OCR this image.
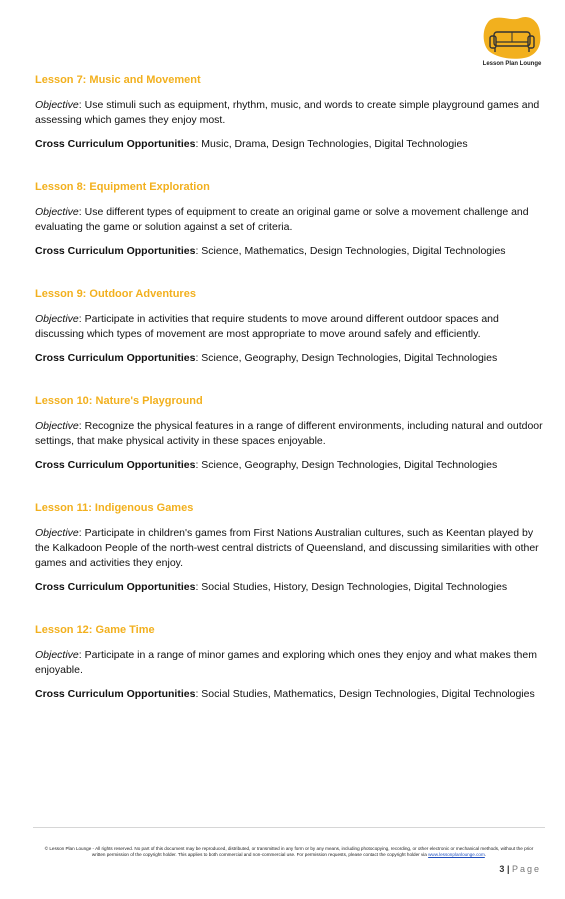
Lesson Plan Lounge
Lesson 7: Music and Movement

Objective: Use stimuli such as equipment, rhythm, music, and words to create simple playground games and assessing which games they enjoy most.

Cross Curriculum Opportunities: Music, Drama, Design Technologies, Digital Technologies

Lesson 8: Equipment Exploration

Objective: Use different types of equipment to create an original game or solve a movement challenge and evaluating the game or solution against a set of criteria.

Cross Curriculum Opportunities: Science, Mathematics, Design Technologies, Digital Technologies

Lesson 9: Outdoor Adventures

Objective: Participate in activities that require students to move around different outdoor spaces and discussing which types of movement are most appropriate to move around safely and efficiently.

Cross Curriculum Opportunities: Science, Geography, Design Technologies, Digital Technologies

Lesson 10: Nature's Playground

Objective: Recognize the physical features in a range of different environments, including natural and outdoor settings, that make physical activity in these spaces enjoyable.

Cross Curriculum Opportunities: Science, Geography, Design Technologies, Digital Technologies

Lesson 11: Indigenous Games

Objective: Participate in children's games from First Nations Australian cultures, such as Keentan played by the Kalkadoon People of the north-west central districts of Queensland, and discussing similarities with other games and activities they enjoy.

Cross Curriculum Opportunities: Social Studies, History, Design Technologies, Digital Technologies

Lesson 12: Game Time

Objective: Participate in a range of minor games and exploring which ones they enjoy and what makes them enjoyable.

Cross Curriculum Opportunities: Social Studies, Mathematics, Design Technologies, Digital Technologies

© Lesson Plan Lounge - All rights reserved. No part of this document may be reproduced, distributed, or transmitted in any form or by any means, including photocopying, recording, or other electronic or mechanical methods, without the prior written permission of the copyright holder. This applies to both commercial and non-commercial use. For permission requests, please contact the copyright holder via www.lessonplanlounge.com.
3 | Page
